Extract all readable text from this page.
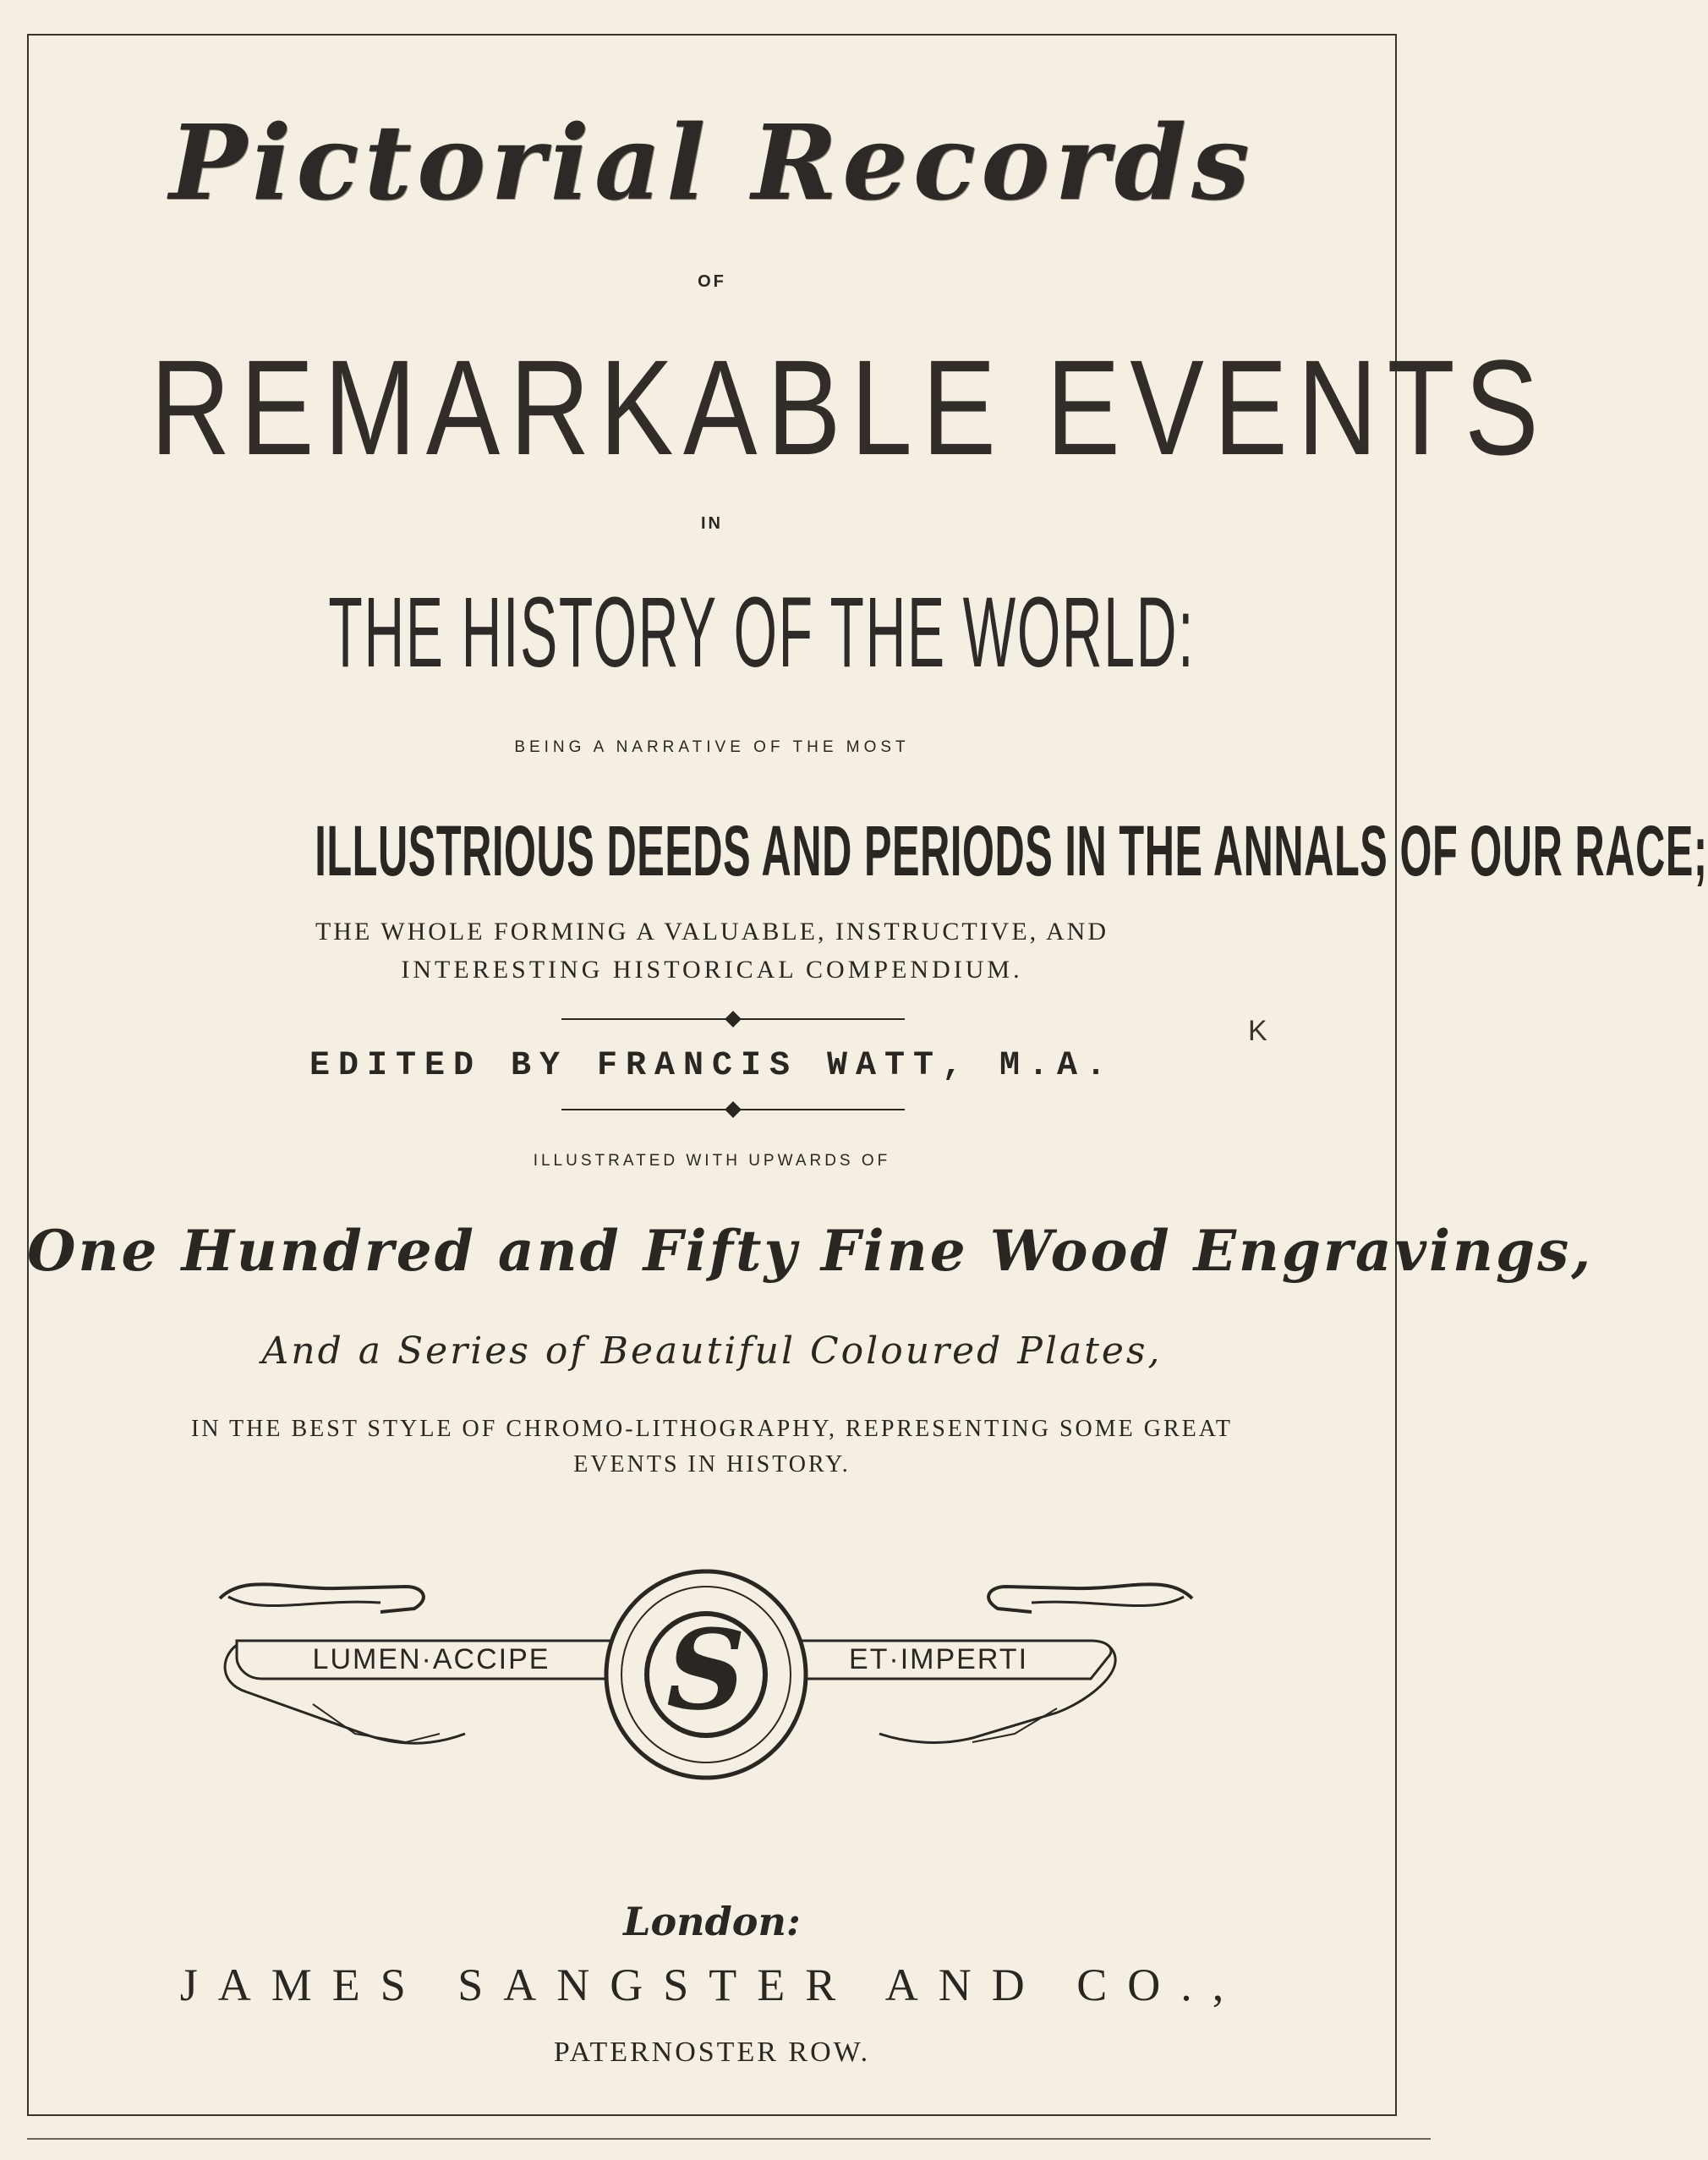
Pictorial Records
OF
REMARKABLE EVENTS
IN
THE HISTORY OF THE WORLD:
BEING A NARRATIVE OF THE MOST
ILLUSTRIOUS DEEDS AND PERIODS IN THE ANNALS OF OUR RACE;
THE WHOLE FORMING A VALUABLE, INSTRUCTIVE, AND
INTERESTING HISTORICAL COMPENDIUM.
EDITED BY FRANCIS WATT, M.A.
K
ILLUSTRATED WITH UPWARDS OF
One Hundred and Fifty Fine Wood Engravings,
And a Series of Beautiful Coloured Plates,
IN THE BEST STYLE OF CHROMO-LITHOGRAPHY, REPRESENTING SOME GREAT
EVENTS IN HISTORY.
S
LUMEN·ACCIPE	ET·IMPERTI
London:
JAMES SANGSTER AND CO.,
PATERNOSTER ROW.
